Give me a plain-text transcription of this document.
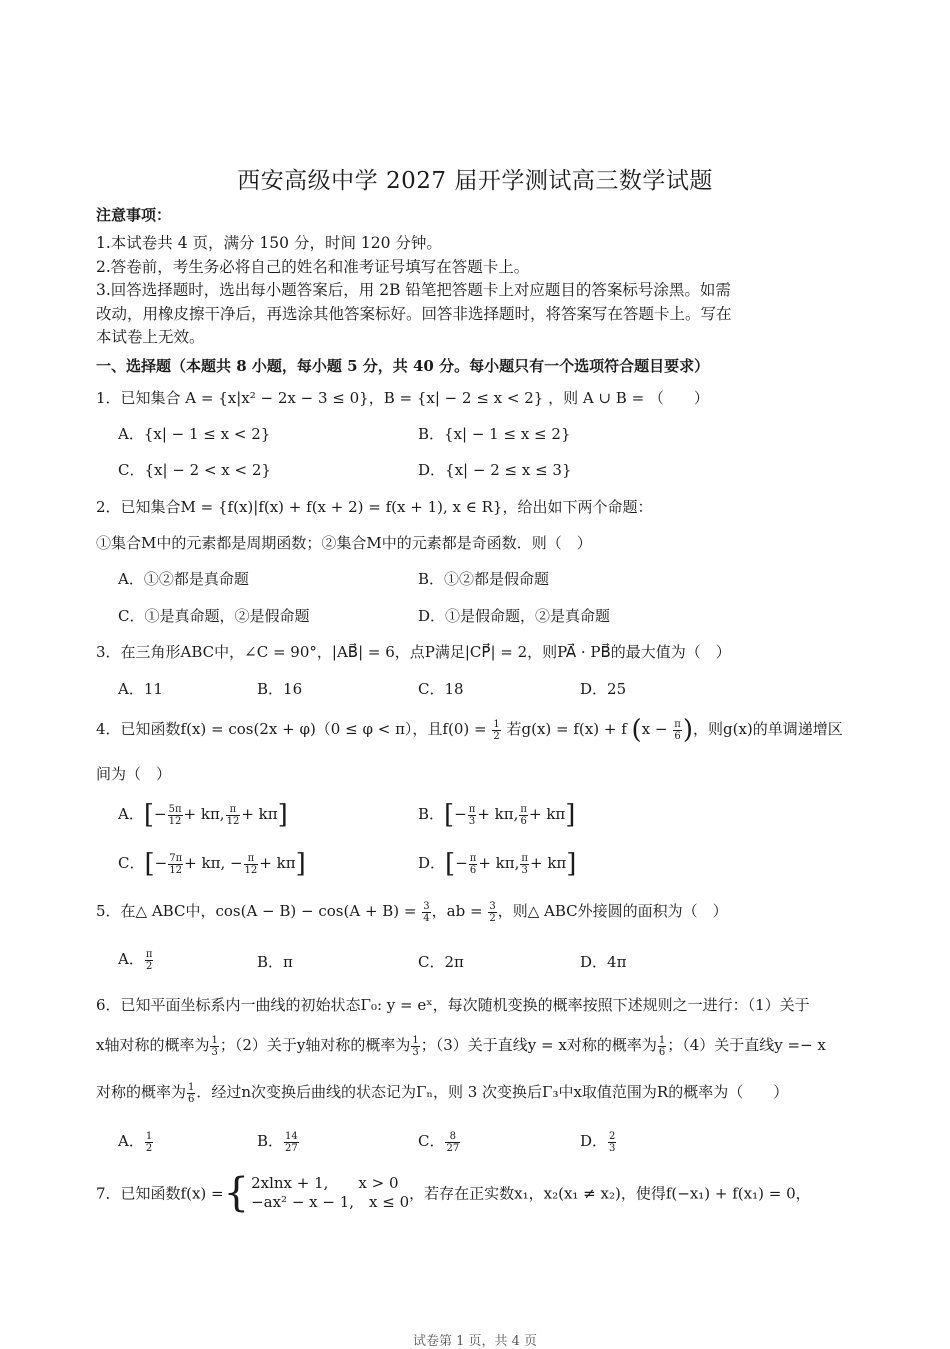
西安高级中学 2027 届开学测试高三数学试题
注意事项：
1.本试卷共 4 页，满分 150 分，时间 120 分钟。
2.答卷前，考生务必将自己的姓名和准考证号填写在答题卡上。
3.回答选择题时，选出每小题答案后，用 2B 铅笔把答题卡上对应题目的答案标号涂黑。如需
改动，用橡皮擦干净后，再选涂其他答案标好。回答非选择题时，将答案写在答题卡上。写在
本试卷上无效。
一、选择题（本题共 8 小题，每小题 5 分，共 40 分。每小题只有一个选项符合题目要求）
1．已知集合 A = {x|x² − 2x − 3 ≤ 0}，B = {x| − 2 ≤ x < 2} ，则 A ∪ B = （　　）
A．{x| − 1 ≤ x < 2}	B．{x| − 1 ≤ x ≤ 2}
C．{x| − 2 < x < 2}	D．{x| − 2 ≤ x ≤ 3}
2．已知集合M = {f(x)|f(x) + f(x + 2) = f(x + 1), x ∈ R}，给出如下两个命题：
①集合M中的元素都是周期函数；②集合M中的元素都是奇函数．则（　）
A．①②都是真命题	B．①②都是假命题
C．①是真命题，②是假命题	D．①是假命题，②是真命题
3．在三角形ABC中，∠C = 90°，|AB⃗| = 6，点P满足|CP⃗| = 2，则PA⃗ · PB⃗的最大值为（　）
A．11	B．16	C．18	D．25
4．已知函数f(x) = cos(2x + φ)（0 ≤ φ < π），且$f(0) = \frac{1}{2}$ 若g(x) = f(x) + f ($x - \frac{\pi}{6}$ )，则g(x)的单调递增区
间为（　）
A．[− $\frac{5\pi}{12} + k\pi$, $\frac{\pi}{12} + k\pi$]	B．[− $\frac{\pi}{3} + k\pi$, $\frac{\pi}{6} + k\pi$]
C．[− $\frac{7\pi}{12} + k\pi$, − $\frac{\pi}{12} + k\pi$]	D．[− $\frac{\pi}{6} + k\pi$, $\frac{\pi}{3} + k\pi$]
5．在△ ABC中，$\cos(A - B) - \cos(A + B) = \frac{3}{4}$ ，ab = $\frac{3}{2}$ ，则△ ABC外接圆的面积为（　）
A． $\frac{\pi}{2}$	B．π	C．2π	D．4π
6．已知平面坐标系内一曲线的初始状态Γ₀: y = eˣ，每次随机变换的概率按照下述规则之一进行：（1）关于
x轴对称的概率为 $\frac{1}{3}$ ；（2）关于y轴对称的概率为 $\frac{1}{3}$ ；（3）关于直线y = x对称的概率为 $\frac{1}{6}$ ；（4）关于直线y =− x
对称的概率为 $\frac{1}{6}$ ．经过n次变换后曲线的状态记为Γₙ，则 3 次变换后Γ₃中x取值范围为R的概率为（　　）
A． $\frac{1}{2}$	B． $\frac{14}{27}$	C． $\frac{8}{27}$	D． $\frac{2}{3}$
7．已知函数f(x) ={ 2xlnx + 1,　　x > 0
−ax² − x − 1,　x ≤ 0 ，若存在正实数x₁，x₂(x₁ ≠ x₂)，使得f(−x₁) + f(x₁) = 0，
试卷第 1 页，共 4 页
